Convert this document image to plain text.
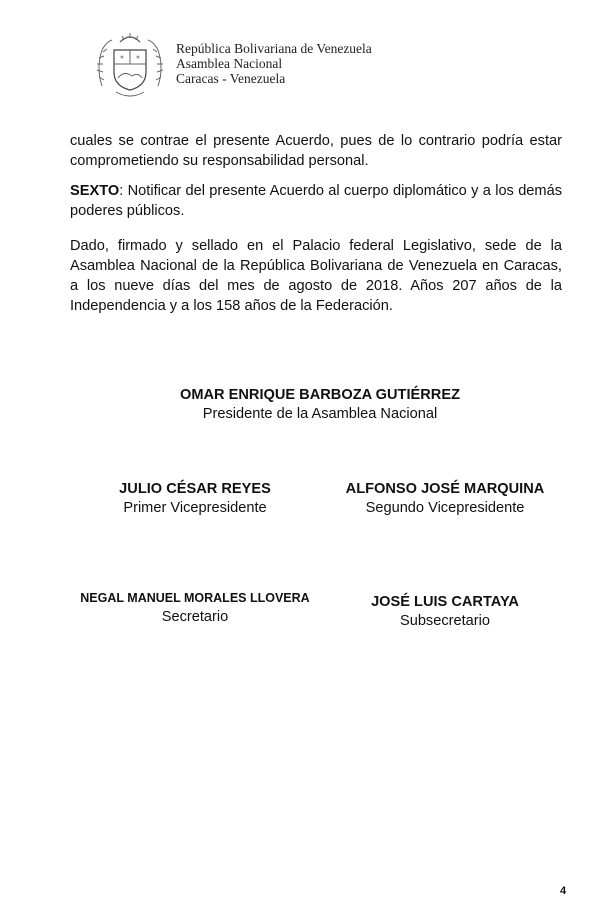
República Bolivariana de Venezuela
Asamblea Nacional
Caracas - Venezuela

cuales se contrae el presente Acuerdo, pues de lo contrario podría estar comprometiendo su responsabilidad personal.

SEXTO: Notificar del presente Acuerdo al cuerpo diplomático y a los demás poderes públicos.

Dado, firmado y sellado en el Palacio federal Legislativo, sede de la Asamblea Nacional de la República Bolivariana de Venezuela en Caracas, a los nueve días del mes de agosto de 2018. Años 207 años de la Independencia y a los 158 años de la Federación.

OMAR ENRIQUE BARBOZA GUTIÉRREZ
Presidente de la Asamblea Nacional
JULIO CÉSAR REYES
Primer Vicepresidente
ALFONSO JOSÉ MARQUINA
Segundo Vicepresidente
NEGAL MANUEL MORALES LLOVERA
Secretario
JOSÉ LUIS CARTAYA
Subsecretario
4
